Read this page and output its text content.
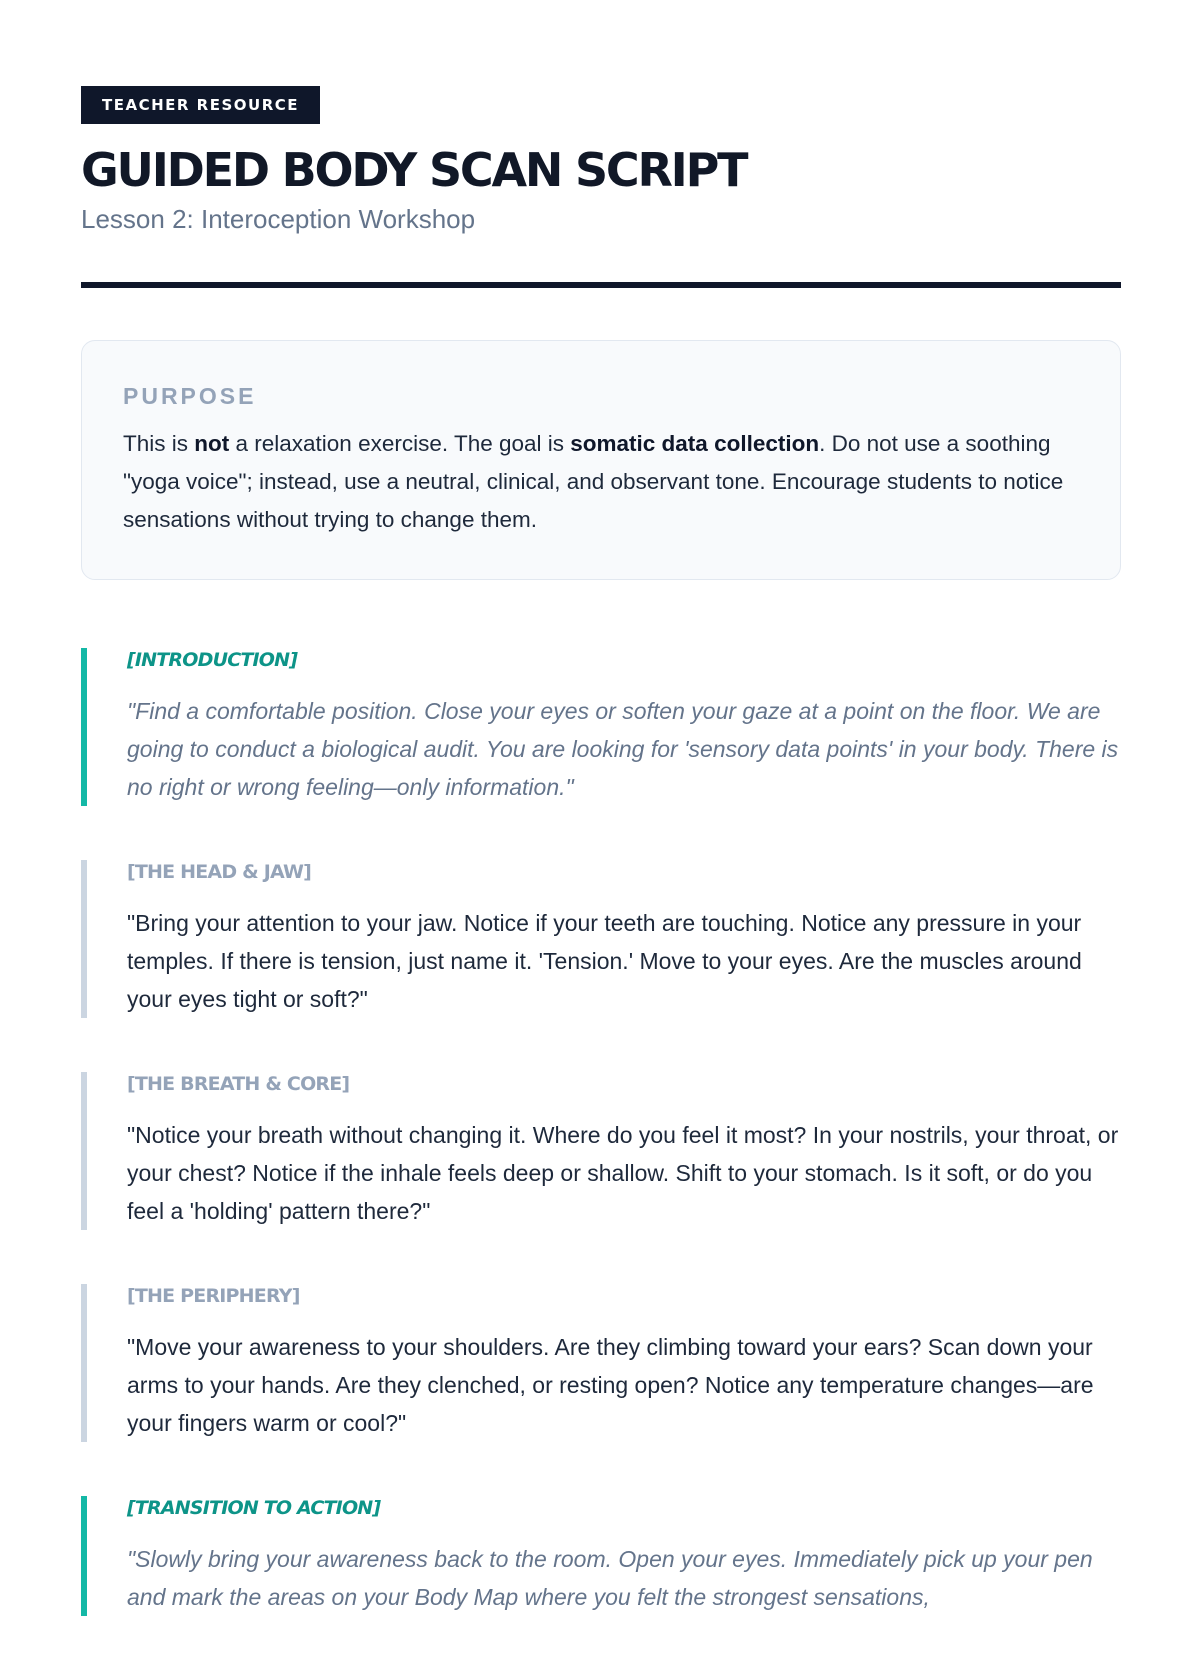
TEACHER RESOURCE
GUIDED BODY SCAN SCRIPT
Lesson 2: Interoception Workshop
PURPOSE
This is not a relaxation exercise. The goal is somatic data collection. Do not use a soothing "yoga voice"; instead, use a neutral, clinical, and observant tone. Encourage students to notice sensations without trying to change them.
[INTRODUCTION]
"Find a comfortable position. Close your eyes or soften your gaze at a point on the floor. We are going to conduct a biological audit. You are looking for 'sensory data points' in your body. There is no right or wrong feeling—only information."
[THE HEAD & JAW]
"Bring your attention to your jaw. Notice if your teeth are touching. Notice any pressure in your temples. If there is tension, just name it. 'Tension.' Move to your eyes. Are the muscles around your eyes tight or soft?"
[THE BREATH & CORE]
"Notice your breath without changing it. Where do you feel it most? In your nostrils, your throat, or your chest? Notice if the inhale feels deep or shallow. Shift to your stomach. Is it soft, or do you feel a 'holding' pattern there?"
[THE PERIPHERY]
"Move your awareness to your shoulders. Are they climbing toward your ears? Scan down your arms to your hands. Are they clenched, or resting open? Notice any temperature changes—are your fingers warm or cool?"
[TRANSITION TO ACTION]
"Slowly bring your awareness back to the room. Open your eyes. Immediately pick up your pen and mark the areas on your Body Map where you felt the strongest sensations,
